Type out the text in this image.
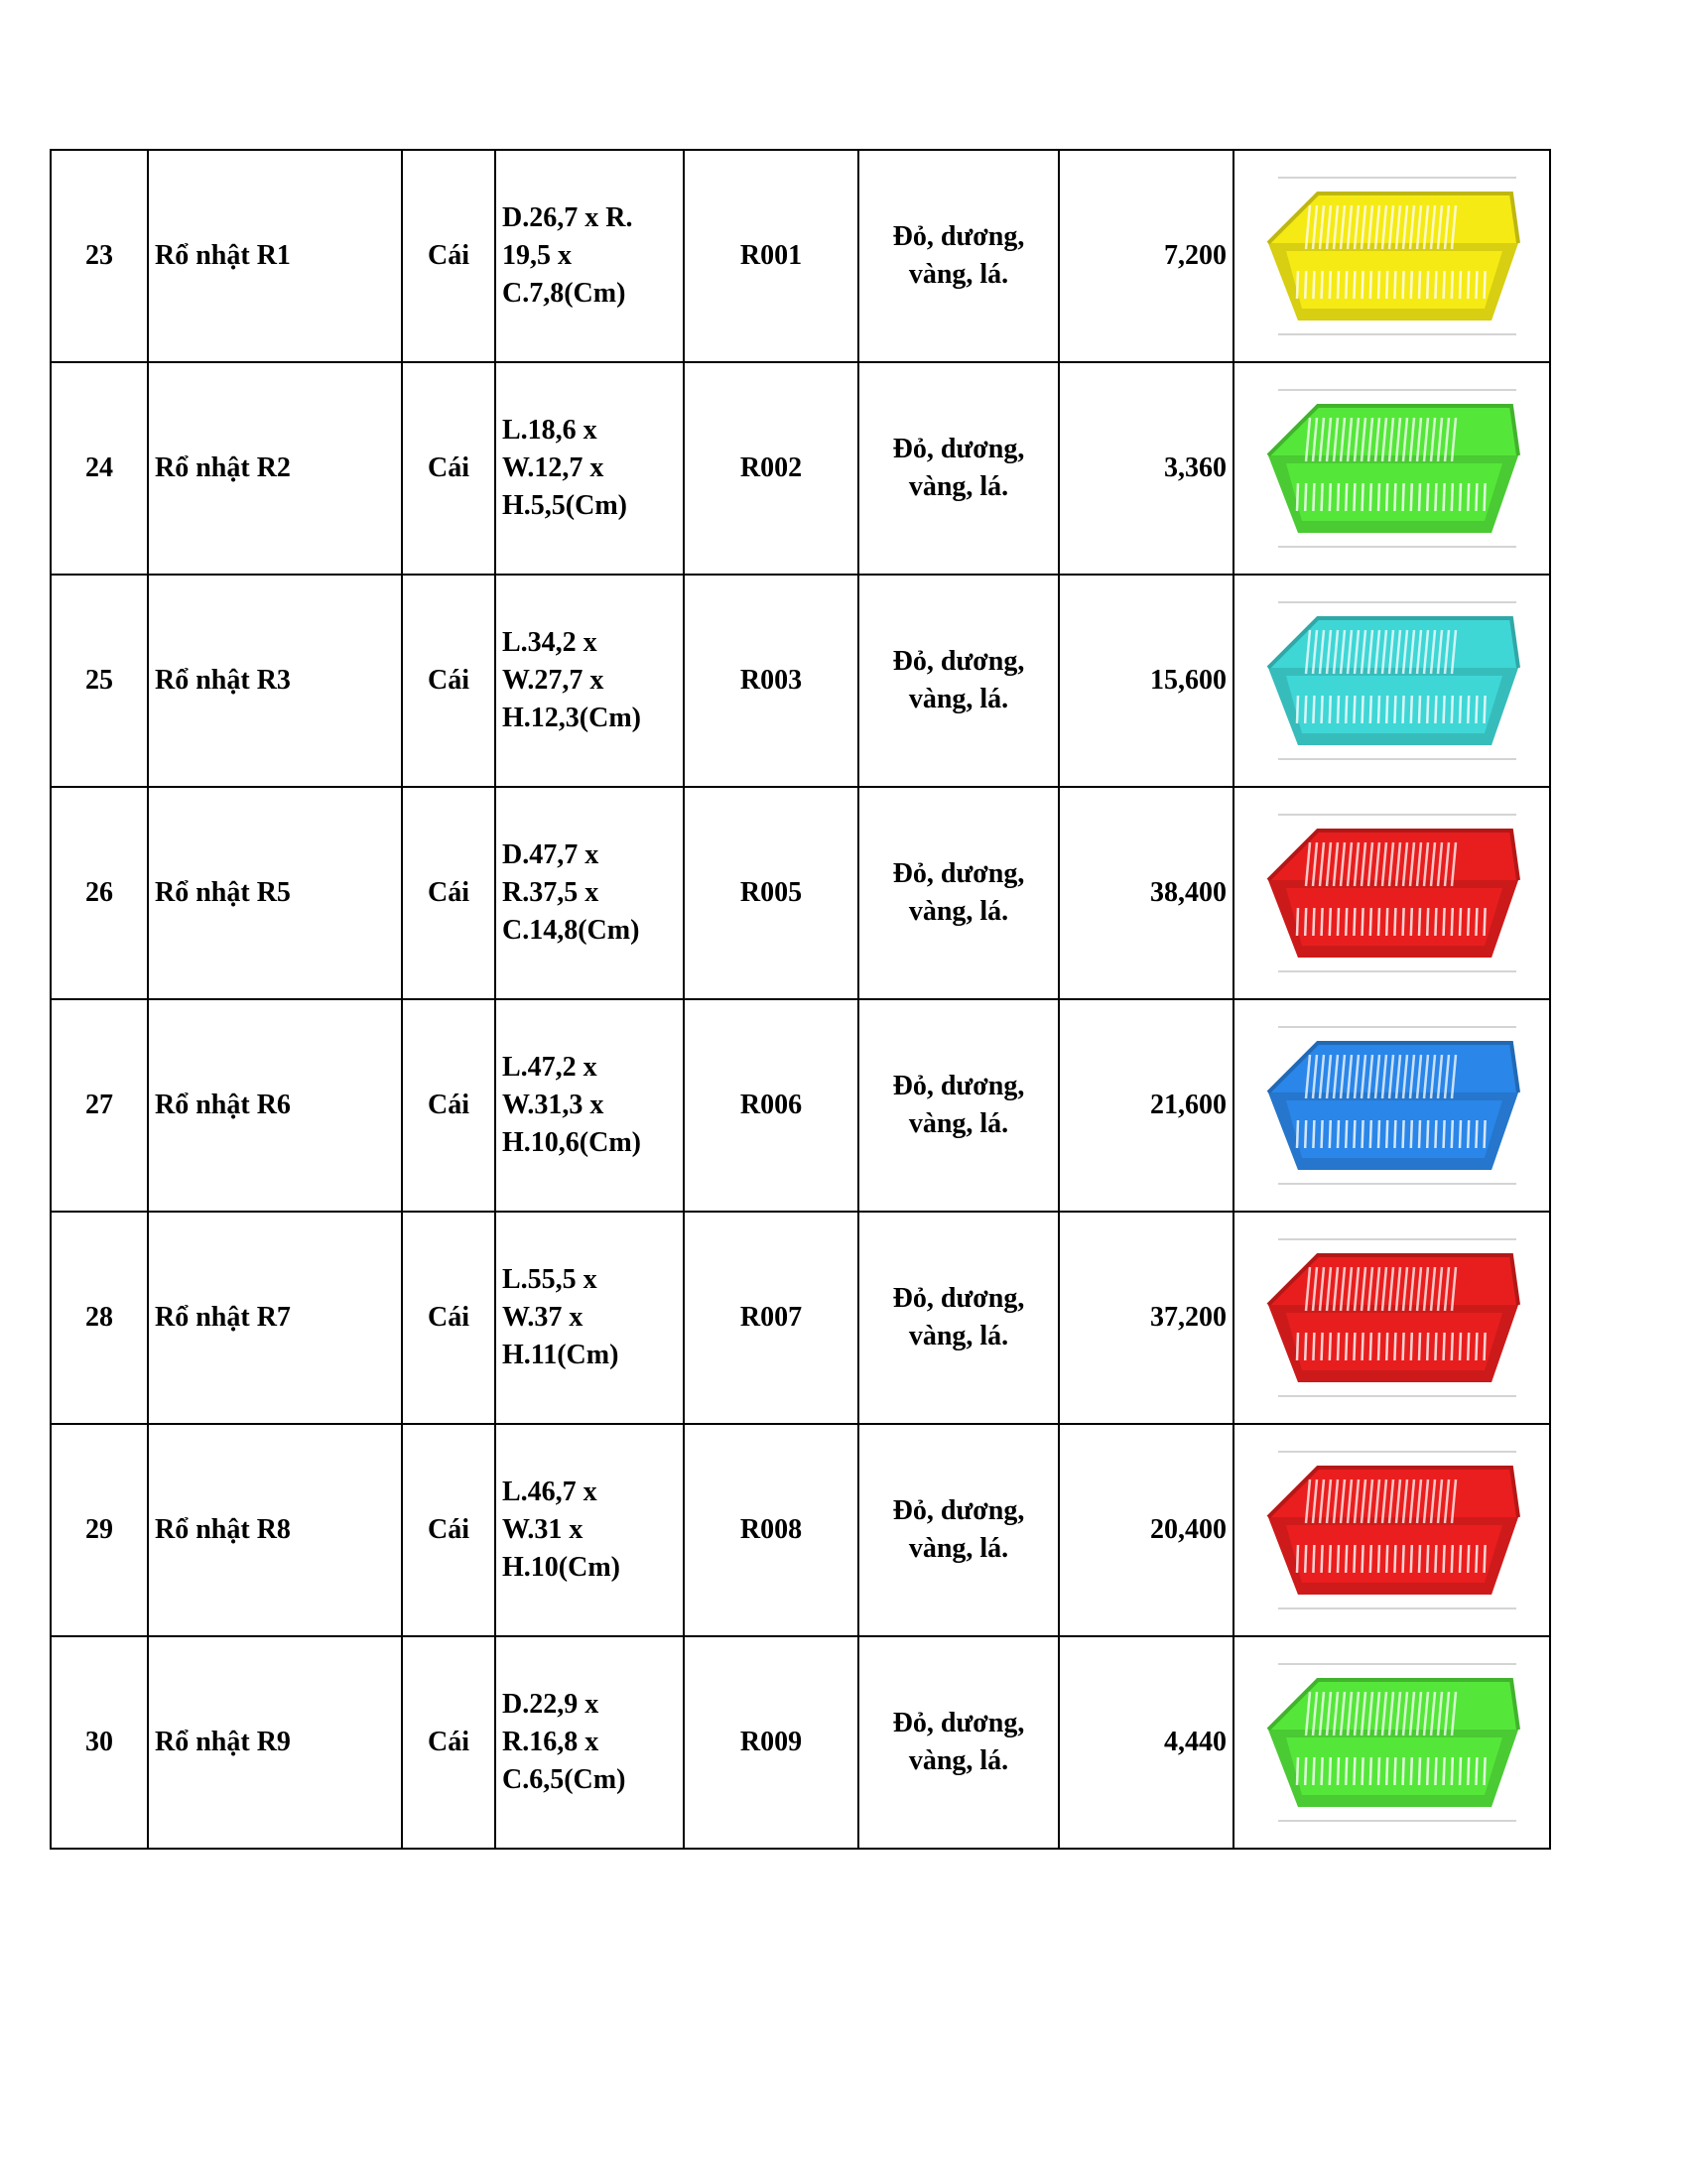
23	Rổ nhật R1	Cái	D.26,7 x R.
19,5 x
C.7,8(Cm)	R001	Đỏ, dương,
vàng, lá.	7,200	

24	Rổ nhật R2	Cái	L.18,6 x
W.12,7 x
H.5,5(Cm)	R002	Đỏ, dương,
vàng, lá.	3,360	

25	Rổ nhật R3	Cái	L.34,2 x
W.27,7 x
H.12,3(Cm)	R003	Đỏ, dương,
vàng, lá.	15,600	

26	Rổ nhật R5	Cái	D.47,7 x
R.37,5 x
C.14,8(Cm)	R005	Đỏ, dương,
vàng, lá.	38,400	

27	Rổ nhật R6	Cái	L.47,2 x
W.31,3 x
H.10,6(Cm)	R006	Đỏ, dương,
vàng, lá.	21,600	

28	Rổ nhật R7	Cái	L.55,5 x
W.37 x
H.11(Cm)	R007	Đỏ, dương,
vàng, lá.	37,200	

29	Rổ nhật R8	Cái	L.46,7 x
W.31 x
H.10(Cm)	R008	Đỏ, dương,
vàng, lá.	20,400	

30	Rổ nhật R9	Cái	D.22,9 x
R.16,8 x
C.6,5(Cm)	R009	Đỏ, dương,
vàng, lá.	4,440	
